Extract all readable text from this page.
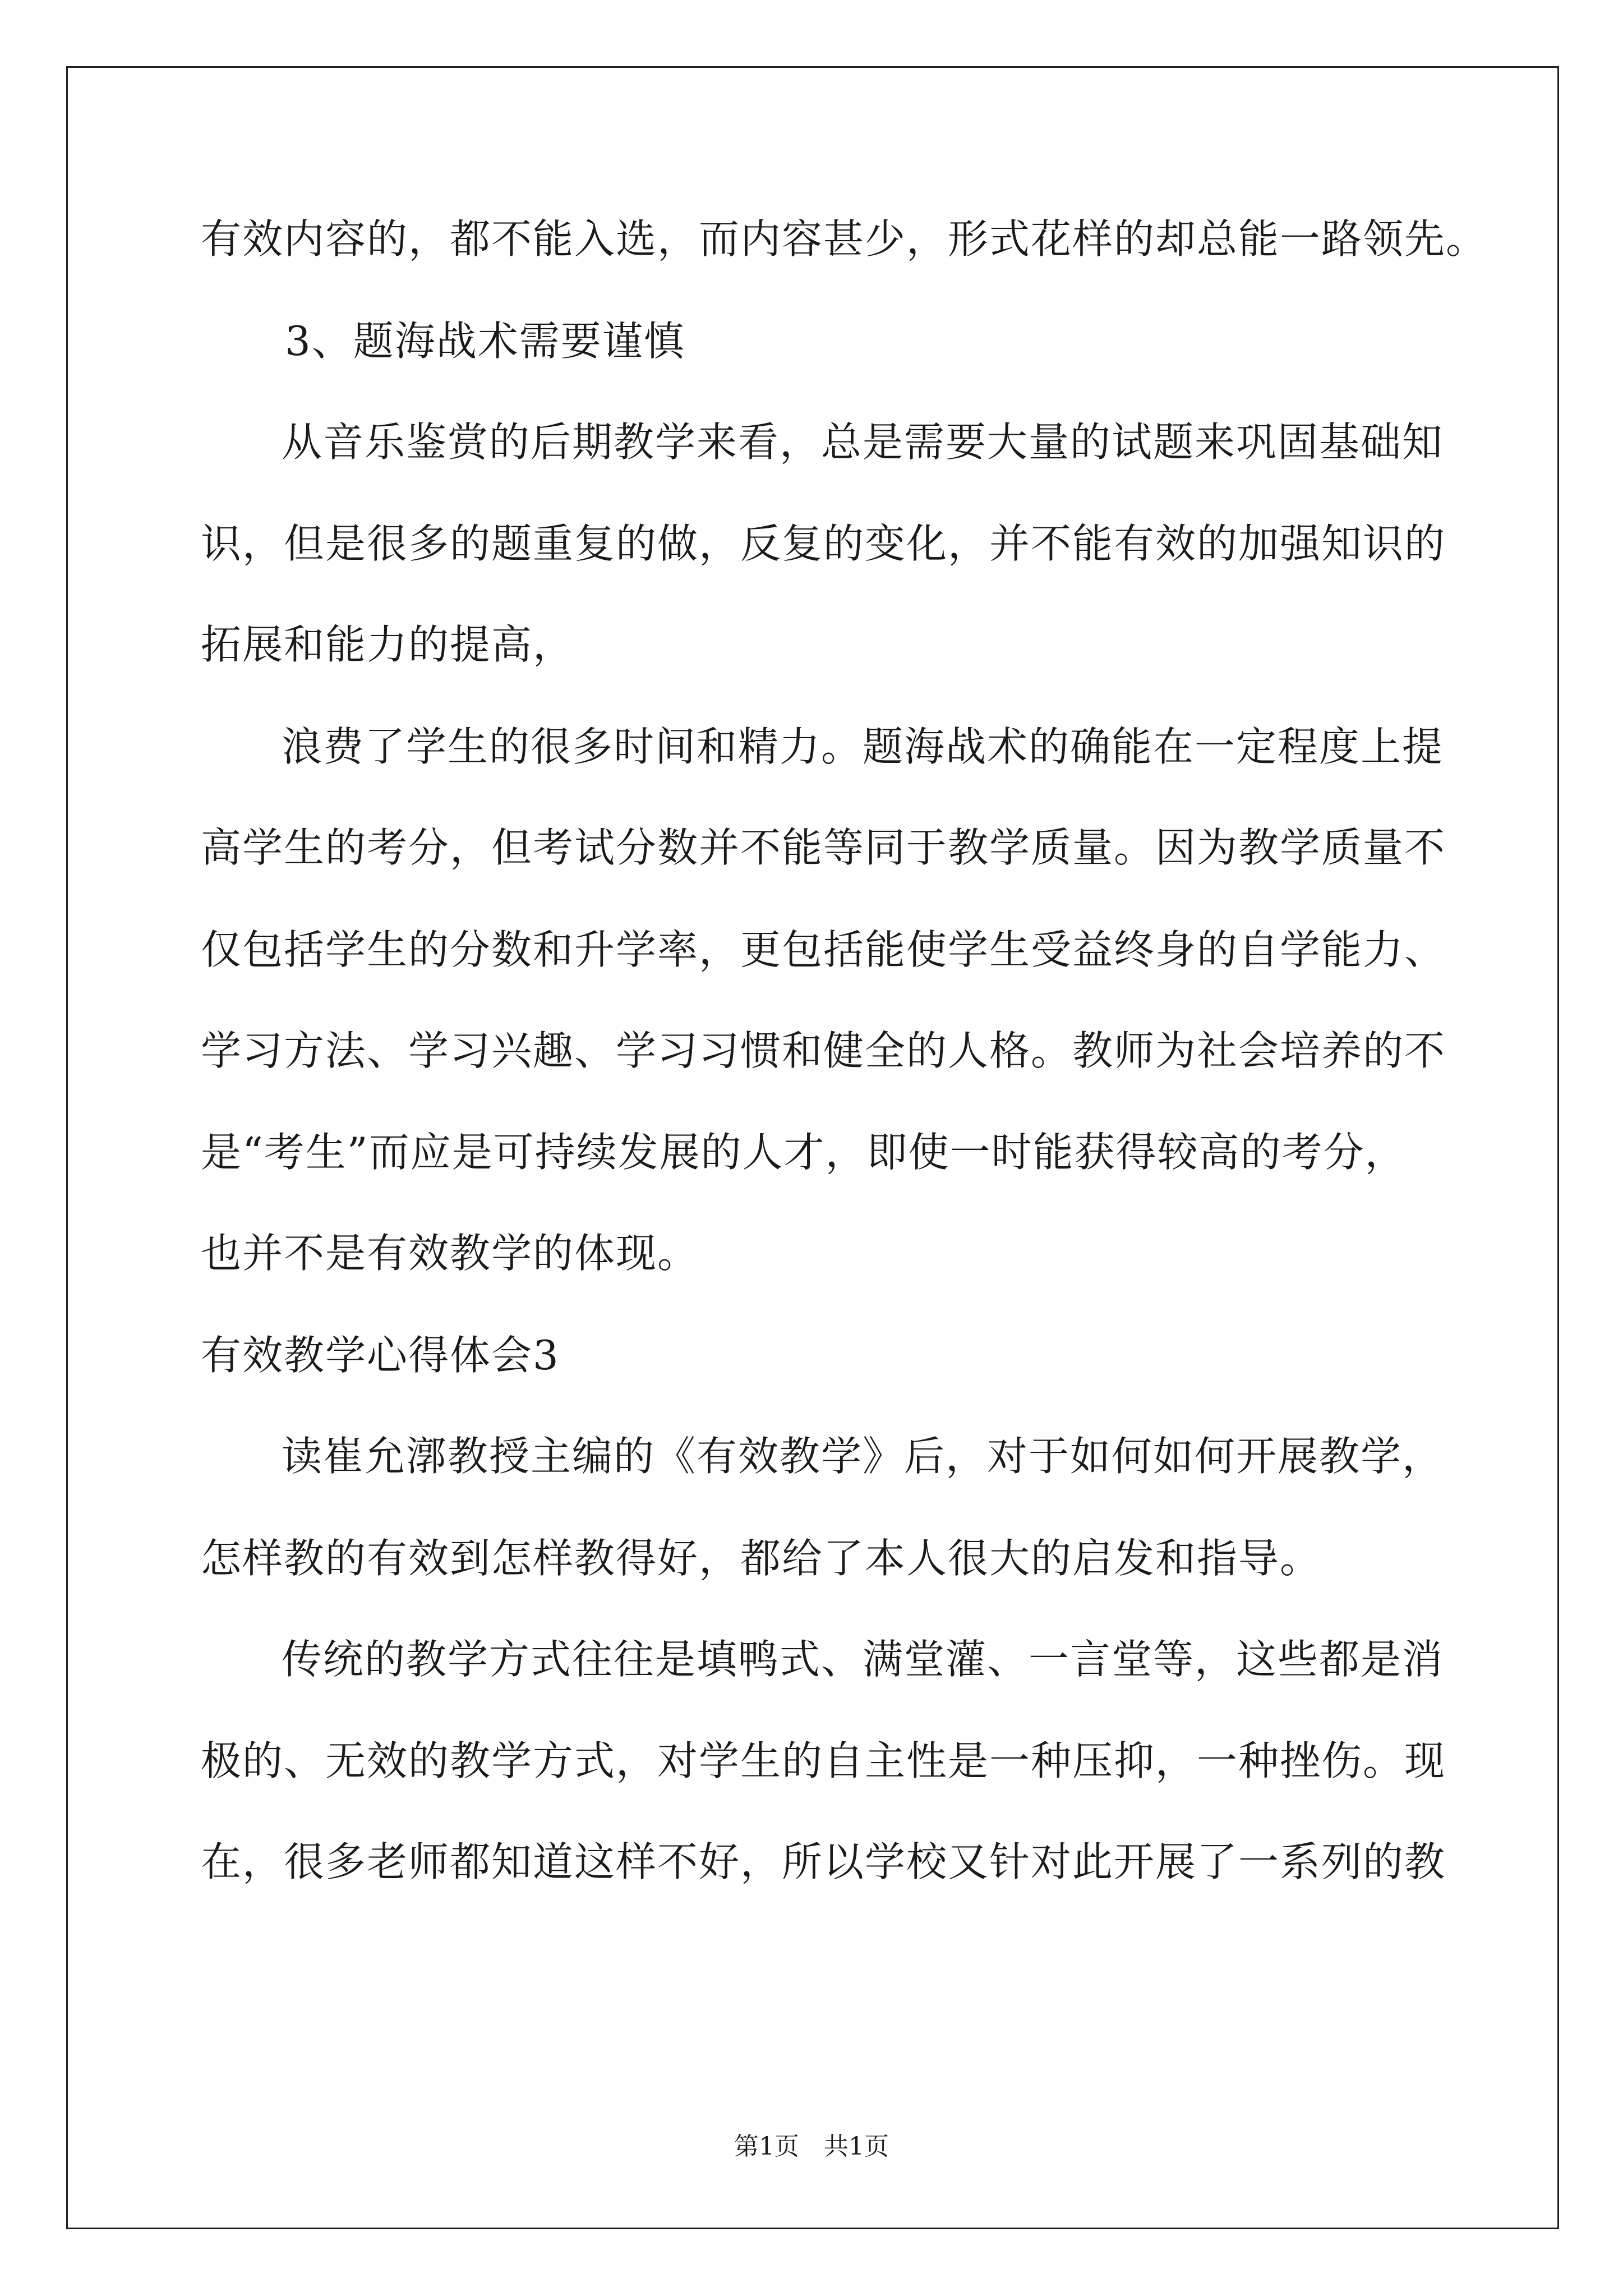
有效内容的，都不能入选，而内容甚少，形式花样的却总能一路领先。
3、题海战术需要谨慎
从音乐鉴赏的后期教学来看，总是需要大量的试题来巩固基础知
识，但是很多的题重复的做，反复的变化，并不能有效的加强知识的
拓展和能力的提高，
浪费了学生的很多时间和精力。题海战术的确能在一定程度上提
高学生的考分，但考试分数并不能等同于教学质量。因为教学质量不
仅包括学生的分数和升学率，更包括能使学生受益终身的自学能力、
学习方法、学习兴趣、学习习惯和健全的人格。教师为社会培养的不
是“考生”而应是可持续发展的人才，即使一时能获得较高的考分，
也并不是有效教学的体现。
有效教学心得体会3
读崔允漷教授主编的《有效教学》后，对于如何如何开展教学，
怎样教的有效到怎样教得好，都给了本人很大的启发和指导。
传统的教学方式往往是填鸭式、满堂灌、一言堂等，这些都是消
极的、无效的教学方式，对学生的自主性是一种压抑，一种挫伤。现
在，很多老师都知道这样不好，所以学校又针对此开展了一系列的教
第1页 共1页
